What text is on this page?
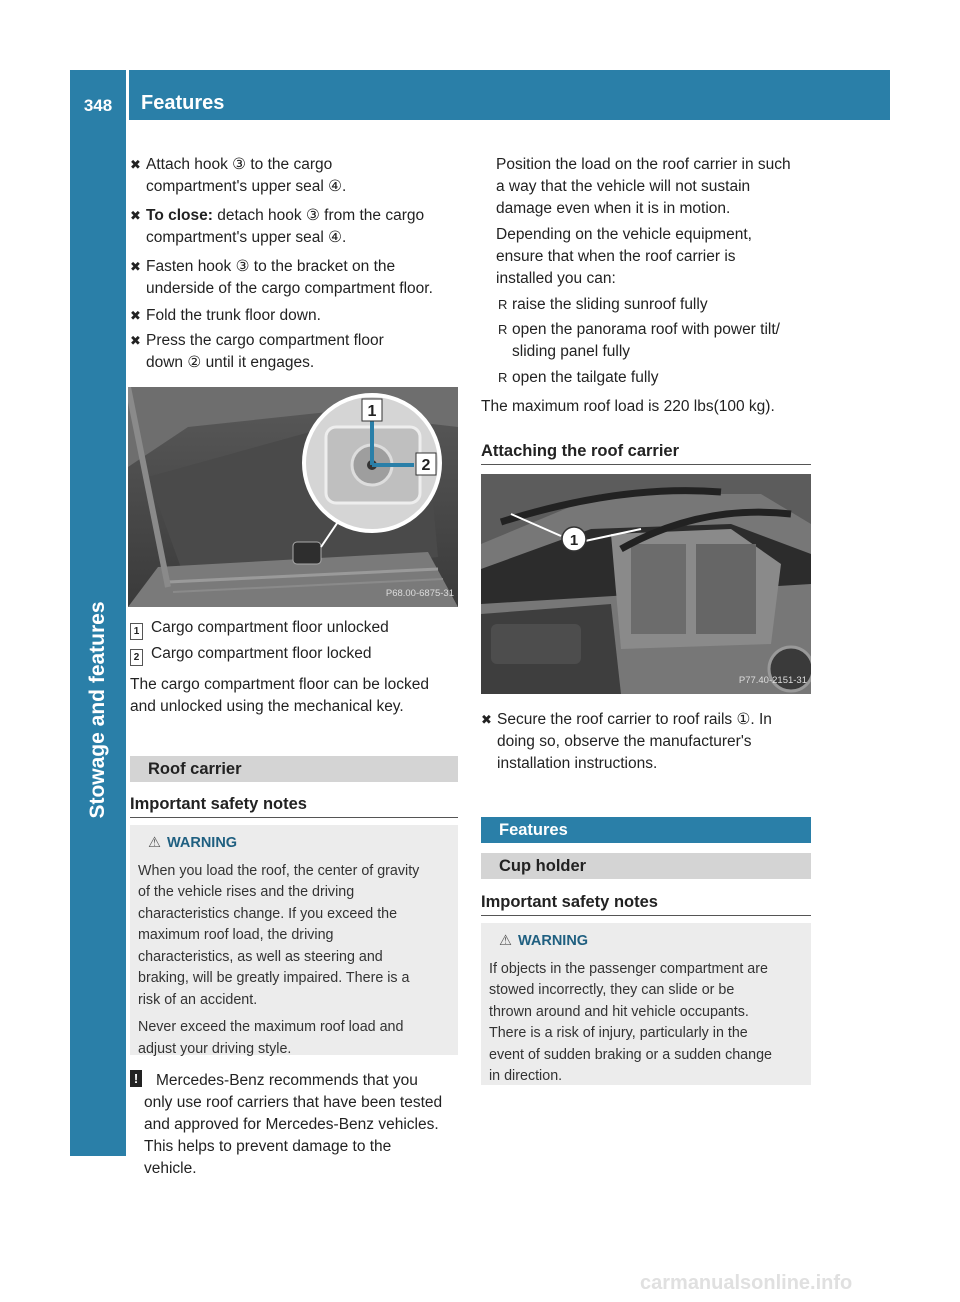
348	Features
Stowage and features
✖ Attach hook ③ to the cargo
compartment's upper seal ④.
✖ To close: detach hook ③ from the cargo
compartment's upper seal ④.
✖ Fasten hook ③ to the bracket on the
underside of the cargo compartment floor.
✖ Fold the trunk floor down.
✖ Press the cargo compartment floor
down ② until it engages.
1
2
P68.00-6875-31
1 Cargo compartment floor unlocked
2 Cargo compartment floor locked
The cargo compartment floor can be locked
and unlocked using the mechanical key.
Roof carrier
Important safety notes
⚠ WARNING

When you load the roof, the center of gravity
of the vehicle rises and the driving
characteristics change. If you exceed the
maximum roof load, the driving
characteristics, as well as steering and
braking, will be greatly impaired. There is a
risk of an accident.

Never exceed the maximum roof load and
adjust your driving style.

!	Mercedes-Benz recommends that you
only use roof carriers that have been tested
and approved for Mercedes-Benz vehicles.
This helps to prevent damage to the
vehicle.
Position the load on the roof carrier in such
a way that the vehicle will not sustain
damage even when it is in motion.
Depending on the vehicle equipment,
ensure that when the roof carrier is
installed you can:
R raise the sliding sunroof fully
R open the panorama roof with power tilt/
sliding panel fully
R open the tailgate fully
The maximum roof load is 220 lbs(100 kg).
Attaching the roof carrier
1
P77.40-2151-31
✖ Secure the roof carrier to roof rails ①. In
doing so, observe the manufacturer's
installation instructions.
Features
Cup holder
Important safety notes
⚠ WARNING

If objects in the passenger compartment are
stowed incorrectly, they can slide or be
thrown around and hit vehicle occupants.
There is a risk of injury, particularly in the
event of sudden braking or a sudden change
in direction.

carmanualsonline.info
